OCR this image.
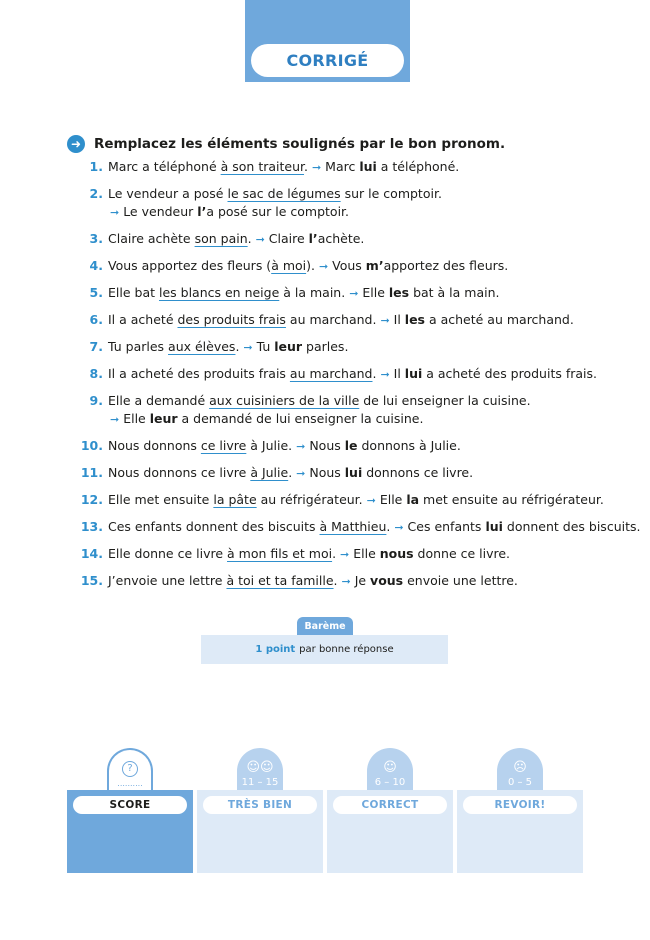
CORRIGÉ
➜ Remplacez les éléments soulignés par le bon pronom.
1. Marc a téléphoné à son traiteur. ➞ Marc lui a téléphoné.
2. Le vendeur a posé le sac de légumes sur le comptoir.
➞ Le vendeur l’a posé sur le comptoir.
3. Claire achète son pain. ➞ Claire l’achète.
4. Vous apportez des fleurs (à moi). ➞ Vous m’apportez des fleurs.
5. Elle bat les blancs en neige à la main. ➞ Elle les bat à la main.
6. Il a acheté des produits frais au marchand. ➞ Il les a acheté au marchand.
7. Tu parles aux élèves. ➞ Tu leur parles.
8. Il a acheté des produits frais au marchand. ➞ Il lui a acheté des produits frais.
9. Elle a demandé aux cuisiniers de la ville de lui enseigner la cuisine.
➞ Elle leur a demandé de lui enseigner la cuisine.
10. Nous donnons ce livre à Julie. ➞ Nous le donnons à Julie.
11. Nous donnons ce livre à Julie. ➞ Nous lui donnons ce livre.
12. Elle met ensuite la pâte au réfrigérateur. ➞ Elle la met ensuite au réfrigérateur.
13. Ces enfants donnent des biscuits à Matthieu. ➞ Ces enfants lui donnent des biscuits.
14. Elle donne ce livre à mon fils et moi. ➞ Elle nous donne ce livre.
15. J’envoie une lettre à toi et ta famille. ➞ Je vous envoie une lettre.
Barème
1 point par bonne réponse
?
..........
SCORE
☺☺
11 – 15
TRÈS BIEN
☺
6 – 10
CORRECT
☹
0 – 5
REVOIR!
